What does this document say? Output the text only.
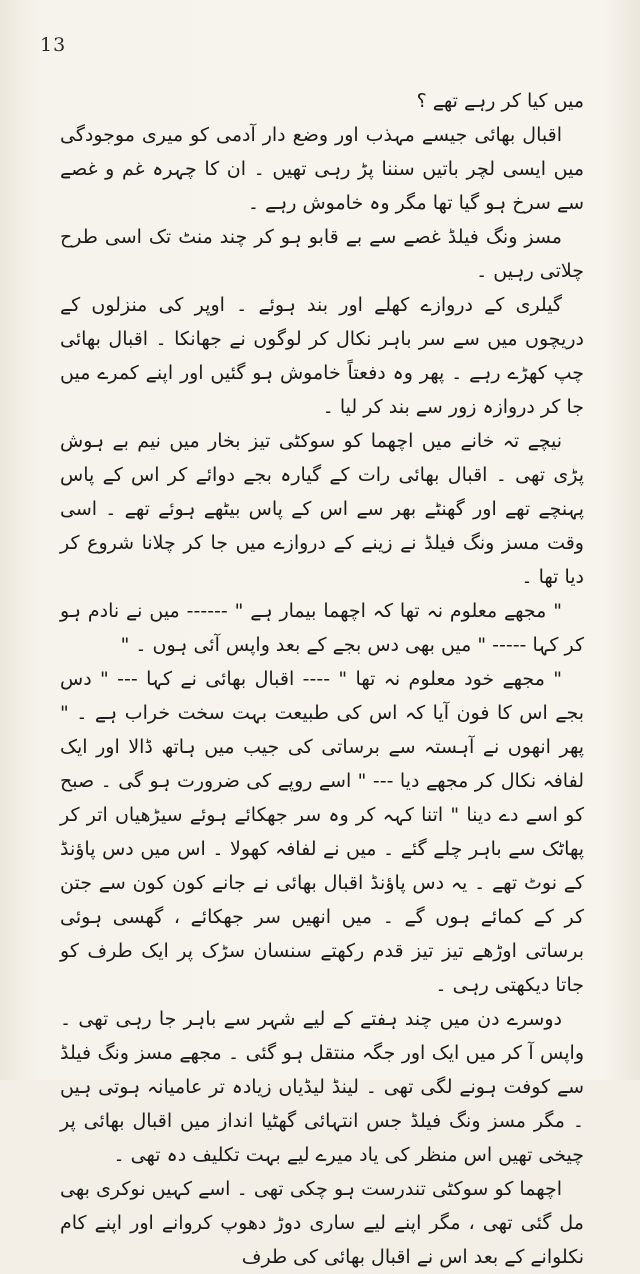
13

میں کیا کر رہے تھے ؟

اقبال بھائی جیسے مہذب اور وضع دار آدمی کو میری موجودگی میں ایسی لچر باتیں سننا پڑ رہی تھیں ۔ ان کا چہرہ غم و غصے سے سرخ ہو گیا تھا مگر وہ خاموش رہے ۔

مسز ونگ فیلڈ غصے سے بے قابو ہو کر چند منٹ تک اسی طرح چلاتی رہیں ۔

گیلری کے دروازے کھلے اور بند ہوئے ۔ اوپر کی منزلوں کے دریچوں میں سے سر باہر نکال کر لوگوں نے جھانکا ۔ اقبال بھائی چپ کھڑے رہے ۔ پھر وہ دفعتاً خاموش ہو گئیں اور اپنے کمرے میں جا کر دروازہ زور سے بند کر لیا ۔

نیچے تہ خانے میں اچھما کو سوکٹی تیز بخار میں نیم بے ہوش پڑی تھی ۔ اقبال بھائی رات کے گیارہ بجے دوائے کر اس کے پاس پہنچے تھے اور گھنٹے بھر سے اس کے پاس بیٹھے ہوئے تھے ۔ اسی وقت مسز ونگ فیلڈ نے زینے کے دروازے میں جا کر چلانا شروع کر دیا تھا ۔

" مجھے معلوم نہ تھا کہ اچھما بیمار ہے " ------ میں نے نادم ہو کر کہا ----- " میں بھی دس بجے کے بعد واپس آئی ہوں ۔ "

" مجھے خود معلوم نہ تھا " ---- اقبال بھائی نے کہا --- " دس بجے اس کا فون آیا کہ اس کی طبیعت بہت سخت خراب ہے ۔ " پھر انھوں نے آہستہ سے برساتی کی جیب میں ہاتھ ڈالا اور ایک لفافہ نکال کر مجھے دیا --- " اسے روپے کی ضرورت ہو گی ۔ صبح کو اسے دے دینا " اتنا کہہ کر وہ سر جھکائے ہوئے سیڑھیاں اتر کر پھاٹک سے باہر چلے گئے ۔ میں نے لفافہ کھولا ۔ اس میں دس پاؤنڈ کے نوٹ تھے ۔ یہ دس پاؤنڈ اقبال بھائی نے جانے کون کون سے جتن کر کے کمائے ہوں گے ۔ میں انھیں سر جھکائے ، گھسی ہوئی برساتی اوڑھے تیز تیز قدم رکھتے سنسان سڑک پر ایک طرف کو جاتا دیکھتی رہی ۔

دوسرے دن میں چند ہفتے کے لیے شہر سے باہر جا رہی تھی ۔ واپس آ کر میں ایک اور جگہ منتقل ہو گئی ۔ مجھے مسز ونگ فیلڈ سے کوفت ہونے لگی تھی ۔ لینڈ لیڈیاں زیادہ تر عامیانہ ہوتی ہیں ۔ مگر مسز ونگ فیلڈ جس انتہائی گھٹیا انداز میں اقبال بھائی پر چیخی تھیں اس منظر کی یاد میرے لیے بہت تکلیف دہ تھی ۔

اچھما کو سوکٹی تندرست ہو چکی تھی ۔ اسے کہیں نوکری بھی مل گئی تھی ، مگر اپنے لیے ساری دوڑ دھوپ کروانے اور اپنے کام نکلوانے کے بعد اس نے اقبال بھائی کی طرف
